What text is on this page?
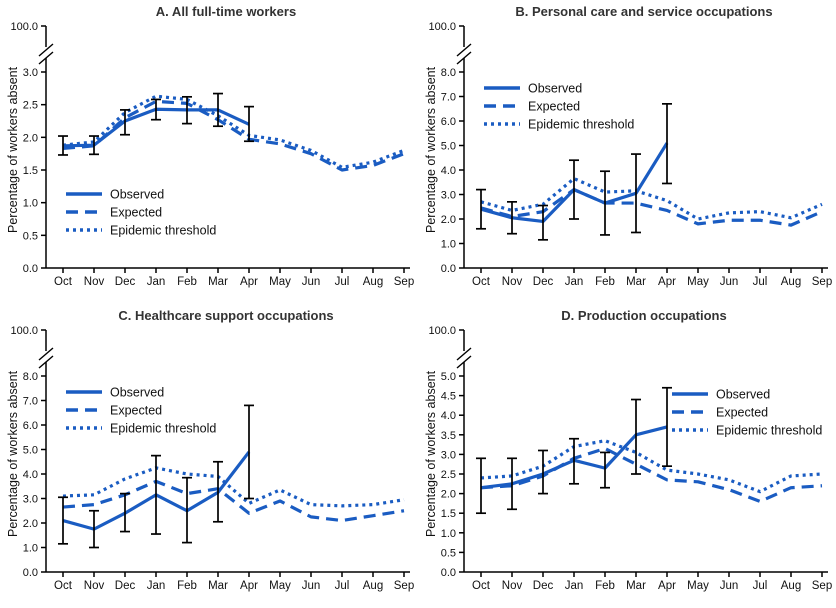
A. All full-time workers
Percentage of workers absent
100.0
0.0
0.5
1.0
1.5
2.0
2.5
3.0
Oct Nov Dec Jan Feb Mar Apr May Jun Jul Aug Sep
Observed
Expected
Epidemic threshold
B. Personal care and service occupations
Percentage of workers absent
100.0
0.0
1.0
2.0
3.0
4.0
5.0
6.0
7.0
8.0
Oct Nov Dec Jan Feb Mar Apr May Jun Jul Aug Sep
Observed
Expected
Epidemic threshold
C. Healthcare support occupations
Percentage of workers absent
100.0
0.0
1.0
2.0
3.0
4.0
5.0
6.0
7.0
8.0
Oct Nov Dec Jan Feb Mar Apr May Jun Jul Aug Sep
Observed
Expected
Epidemic threshold
D. Production occupations
Percentage of workers absent
100.0
0.0
0.5
1.0
1.5
2.0
2.5
3.0
3.5
4.0
4.5
5.0
Oct Nov Dec Jan Feb Mar Apr May Jun Jul Aug Sep
Observed
Expected
Epidemic threshold
